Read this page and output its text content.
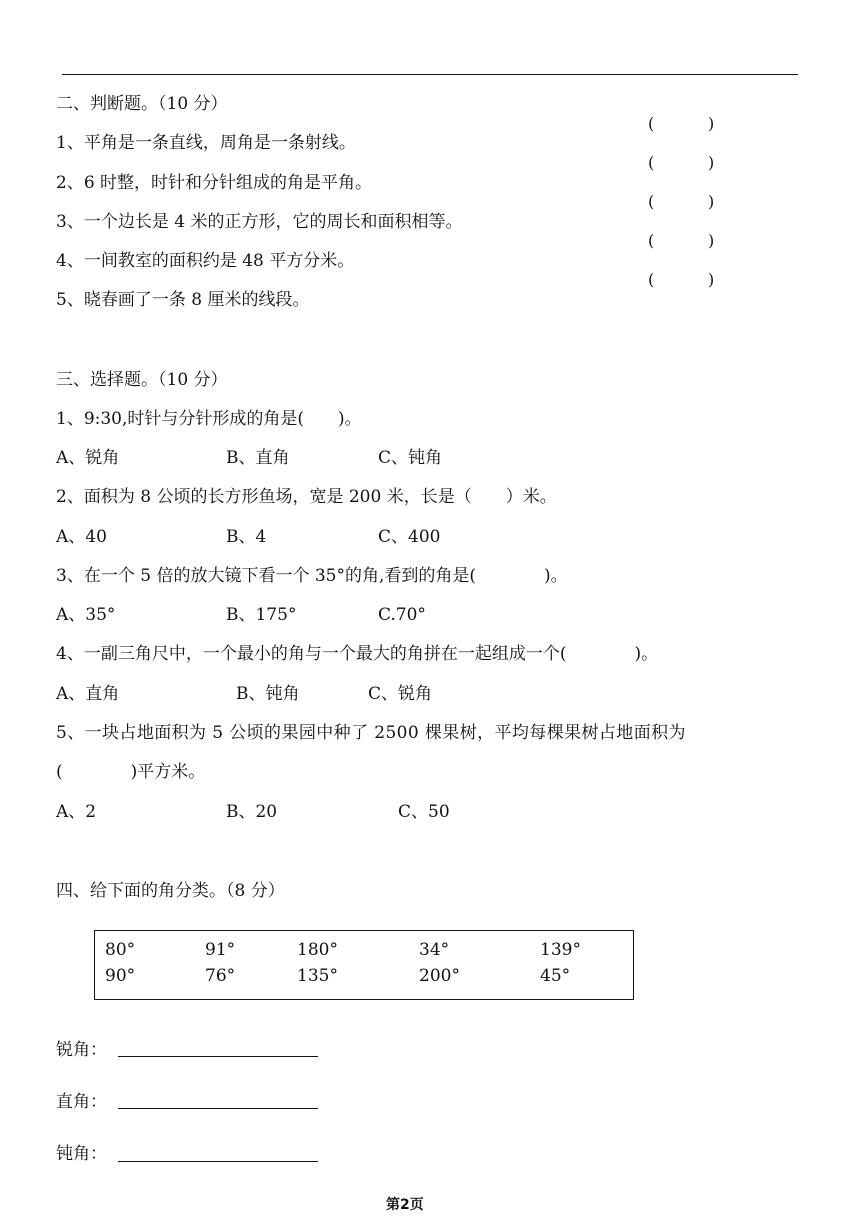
二、判断题。（10 分）
1、平角是一条直线，周角是一条射线。
2、6 时整，时针和分针组成的角是平角。
3、一个边长是 4 米的正方形，它的周长和面积相等。
4、一间教室的面积约是 48 平方分米。
5、晓春画了一条 8 厘米的线段。
(	)
(	)
(	)
(	)
(	)
三、选择题。（10 分）
1、9:30,时针与分针形成的角是(　　)。
A、锐角	B、直角	C、钝角
2、面积为 8 公顷的长方形鱼场，宽是 200 米，长是（　　）米。
A、40	B、4	C、400
3、在一个 5 倍的放大镜下看一个 35°的角,看到的角是(　　　　)。
A、35°	B、175°	C.70°
4、一副三角尺中，一个最小的角与一个最大的角拼在一起组成一个(　　　　)。
A、直角	B、钝角	C、锐角
5、一块占地面积为 5 公顷的果园中种了 2500 棵果树，平均每棵果树占地面积为
(　　　　)平方米。
A、2	B、20	C、50
四、给下面的角分类。（8 分）
80°	91°	180°	34°	139°
90°	76°	135°	200°	45°
锐角：
直角：
钝角：
第2页
